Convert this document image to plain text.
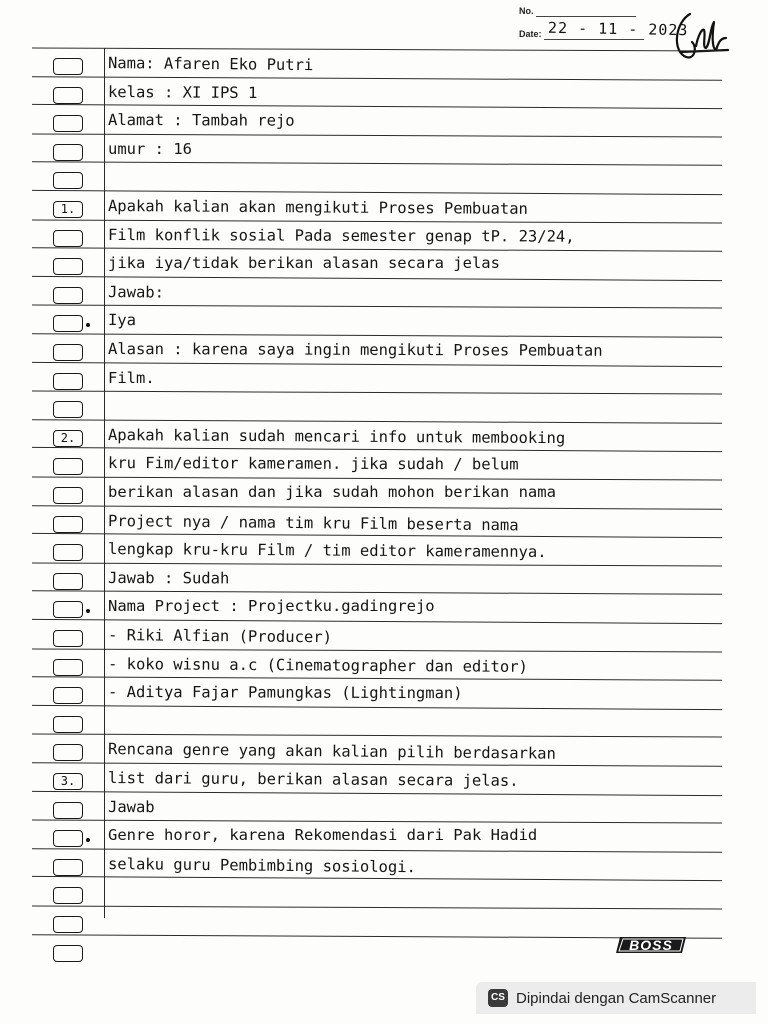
No.
Date: 22 - 11 - 2023
1.
2.
3.
Nama: Afaren Eko Putri
kelas : XI IPS 1
Alamat : Tambah rejo
umur : 16
Apakah kalian akan mengikuti Proses Pembuatan
Film konflik sosial Pada semester genap tP. 23/24,
jika iya/tidak berikan alasan secara jelas
Jawab:
Iya
Alasan : karena saya ingin mengikuti Proses Pembuatan
Film.
Apakah kalian sudah mencari info untuk membooking
kru Fim/editor kameramen. jika sudah / belum
berikan alasan dan jika sudah mohon berikan nama
Project nya / nama tim kru Film beserta nama
lengkap kru-kru Film / tim editor kameramennya.
Jawab : Sudah
Nama Project : Projectku.gadingrejo
- Riki Alfian (Producer)
- koko wisnu a.c (Cinematographer dan editor)
- Aditya Fajar Pamungkas (Lightingman)
Rencana genre yang akan kalian pilih berdasarkan
list dari guru, berikan alasan secara jelas.
Jawab
Genre horor, karena Rekomendasi dari Pak Hadid
selaku guru Pembimbing sosiologi.
BOSS
CS Dipindai dengan CamScanner
